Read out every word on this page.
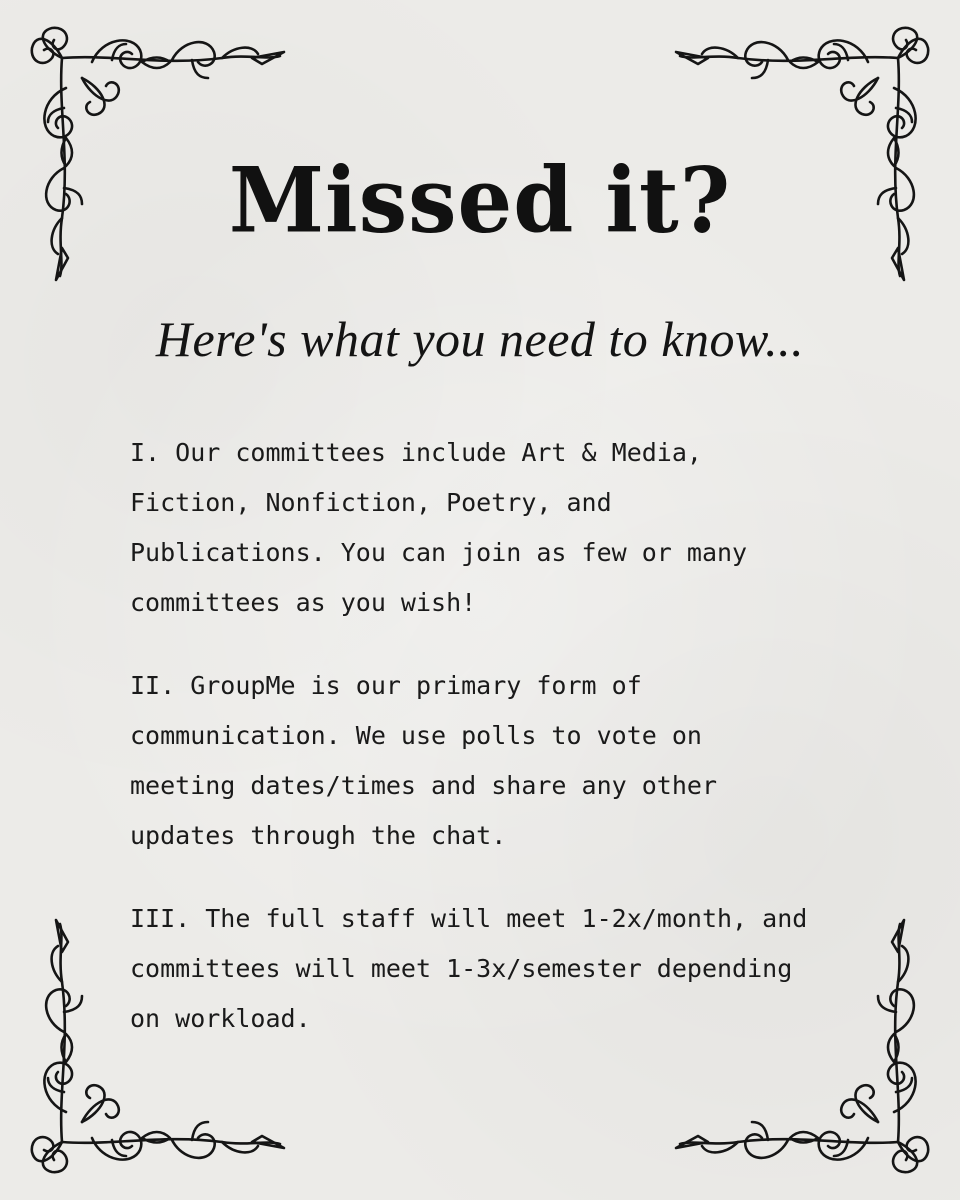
Missed it?
Here's what you need to know...

I. Our committees include Art & Media, Fiction, Nonfiction, Poetry, and Publications. You can join as few or many committees as you wish!

II. GroupMe is our primary form of communication. We use polls to vote on meeting dates/times and share any other updates through the chat.

III. The full staff will meet 1-2x/month, and committees will meet 1-3x/semester depending on workload.
